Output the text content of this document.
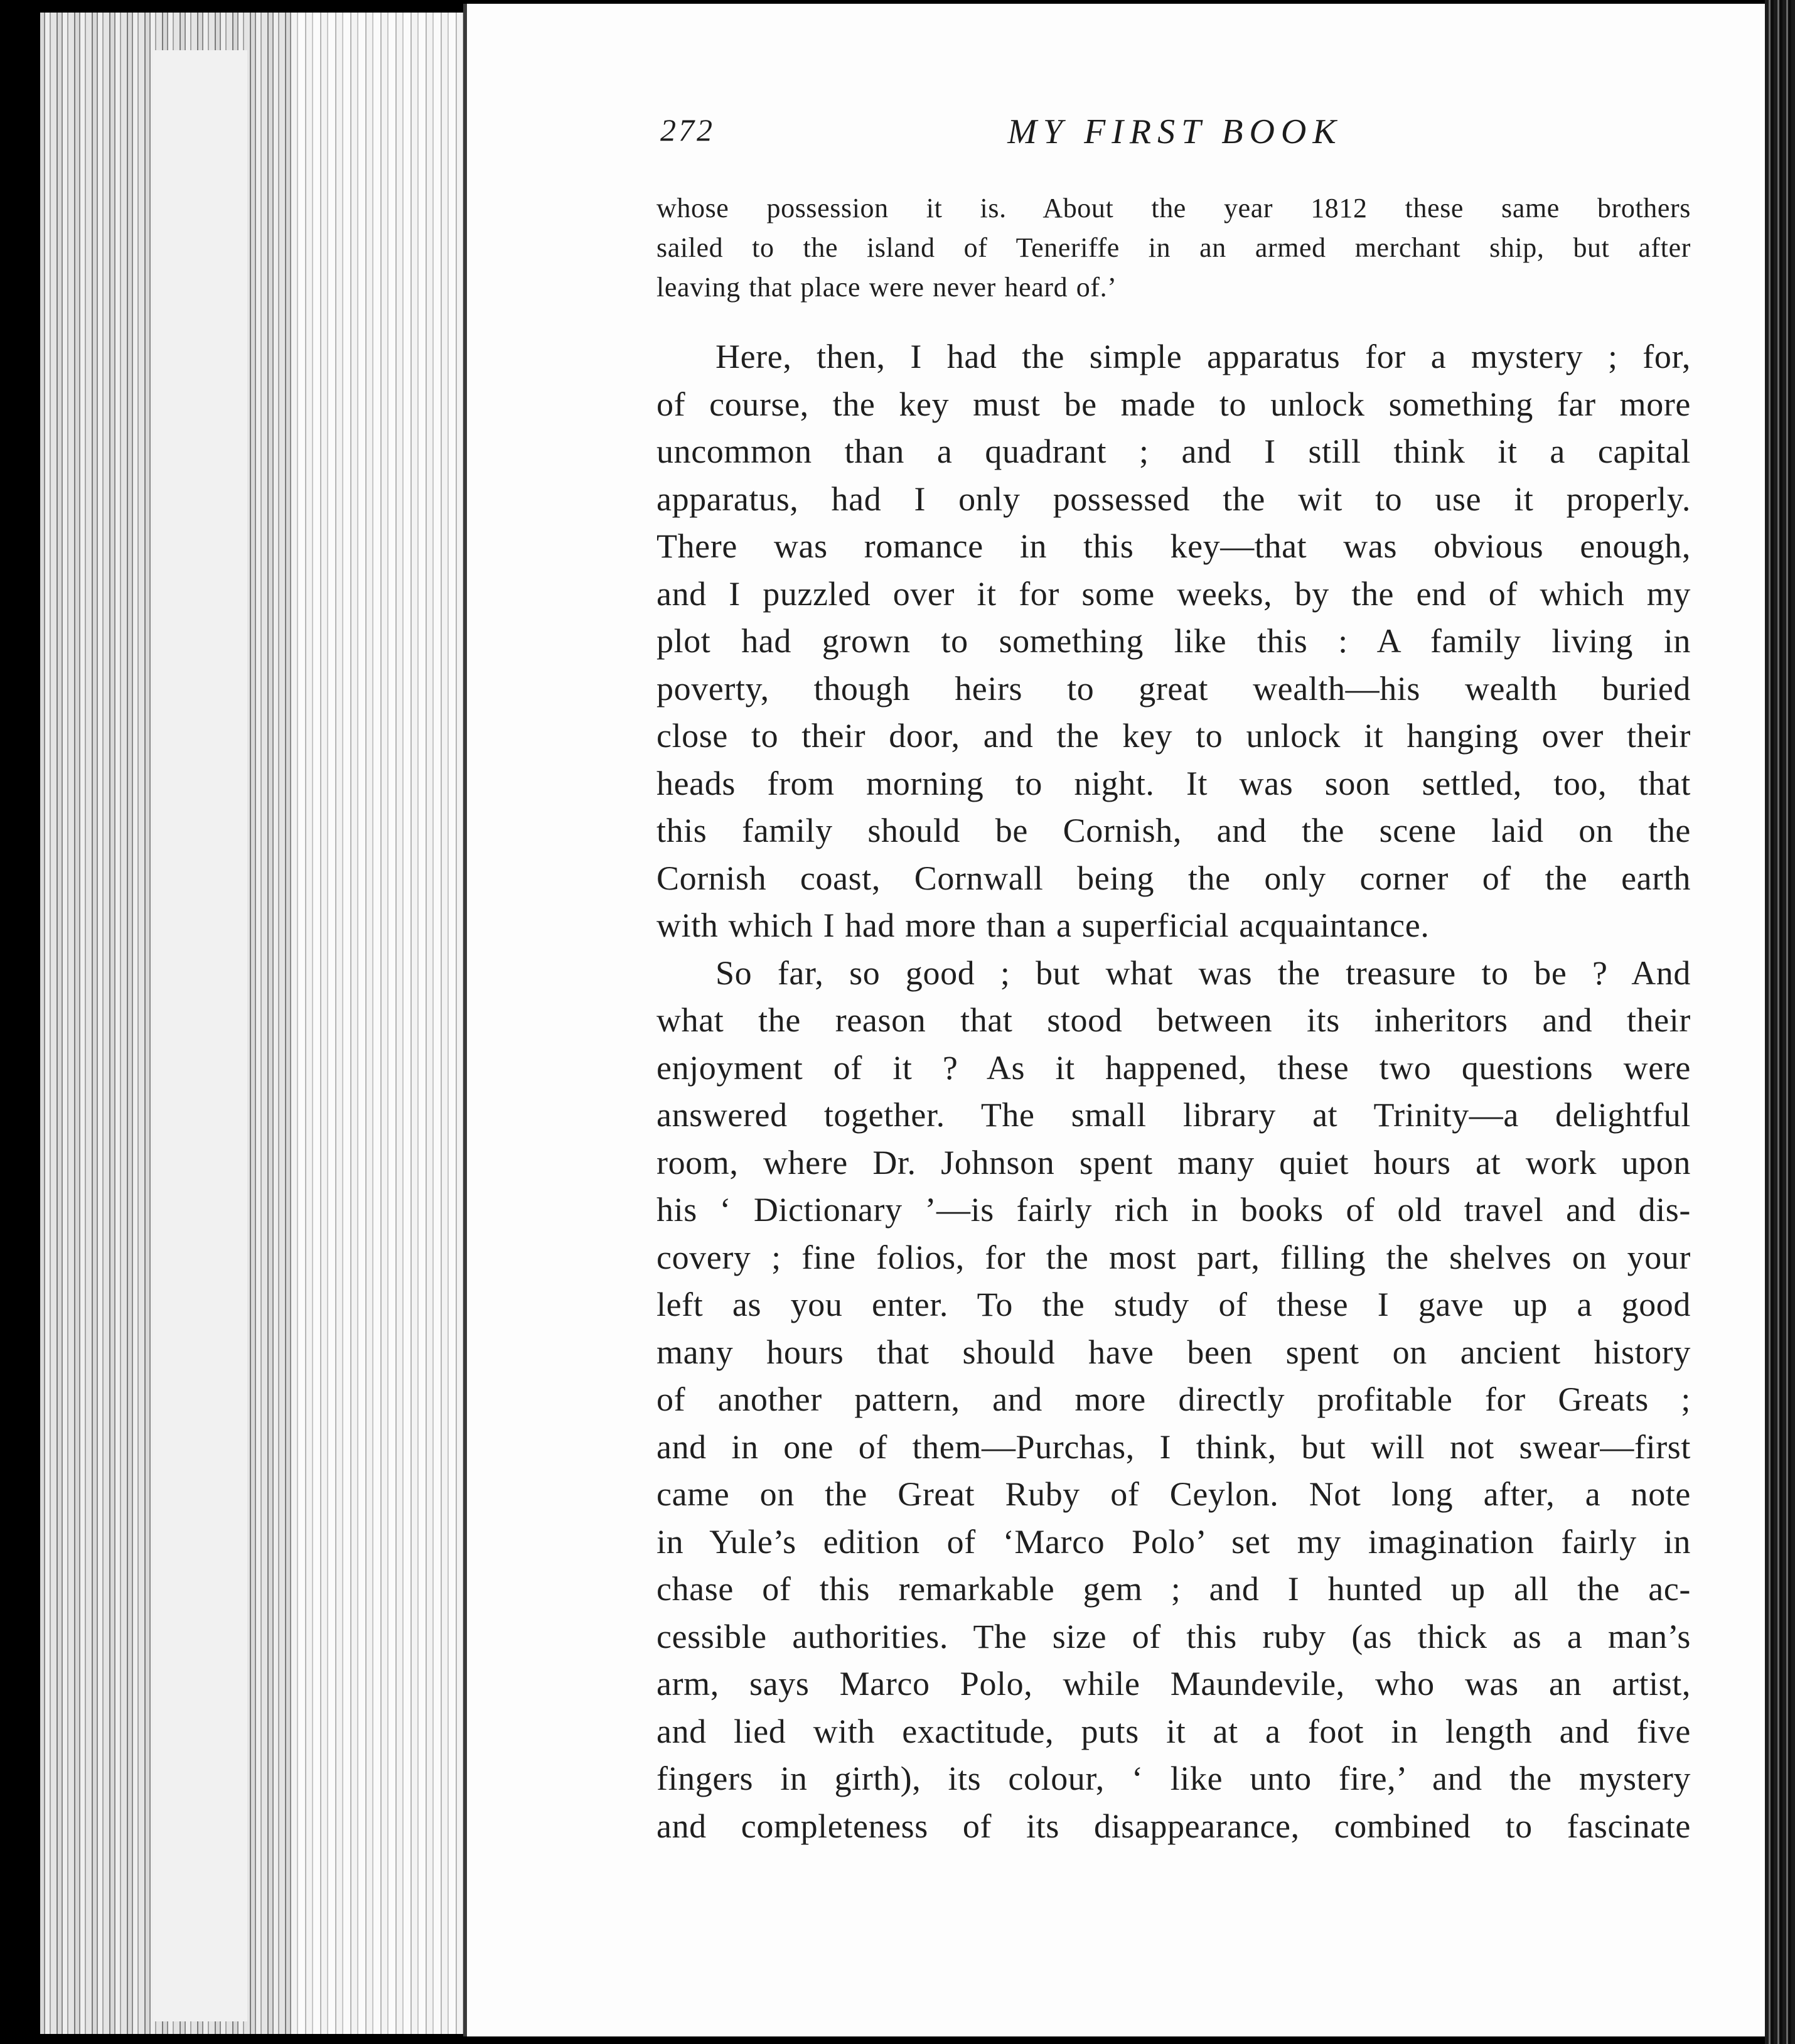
272	MY FIRST BOOK
whose possession it is. About the year 1812 these same brothers
sailed to the island of Teneriffe in an armed merchant ship, but after
leaving that place were never heard of.’
Here, then, I had the simple apparatus for a mystery ; for,
of course, the key must be made to unlock something far more
uncommon than a quadrant ; and I still think it a capital
apparatus, had I only possessed the wit to use it properly.
There was romance in this key—that was obvious enough,
and I puzzled over it for some weeks, by the end of which my
plot had grown to something like this : A family living in
poverty, though heirs to great wealth—his wealth buried
close to their door, and the key to unlock it hanging over their
heads from morning to night. It was soon settled, too, that
this family should be Cornish, and the scene laid on the
Cornish coast, Cornwall being the only corner of the earth
with which I had more than a superficial acquaintance.
So far, so good ; but what was the treasure to be ? And
what the reason that stood between its inheritors and their
enjoyment of it ? As it happened, these two questions were
answered together. The small library at Trinity—a delightful
room, where Dr. Johnson spent many quiet hours at work upon
his ‘ Dictionary ’—is fairly rich in books of old travel and dis-
covery ; fine folios, for the most part, filling the shelves on your
left as you enter. To the study of these I gave up a good
many hours that should have been spent on ancient history
of another pattern, and more directly profitable for Greats ;
and in one of them—Purchas, I think, but will not swear—first
came on the Great Ruby of Ceylon. Not long after, a note
in Yule’s edition of ‘Marco Polo’ set my imagination fairly in
chase of this remarkable gem ; and I hunted up all the ac-
cessible authorities. The size of this ruby (as thick as a man’s
arm, says Marco Polo, while Maundevile, who was an artist,
and lied with exactitude, puts it at a foot in length and five
fingers in girth), its colour, ‘ like unto fire,’ and the mystery
and completeness of its disappearance, combined to fascinate
